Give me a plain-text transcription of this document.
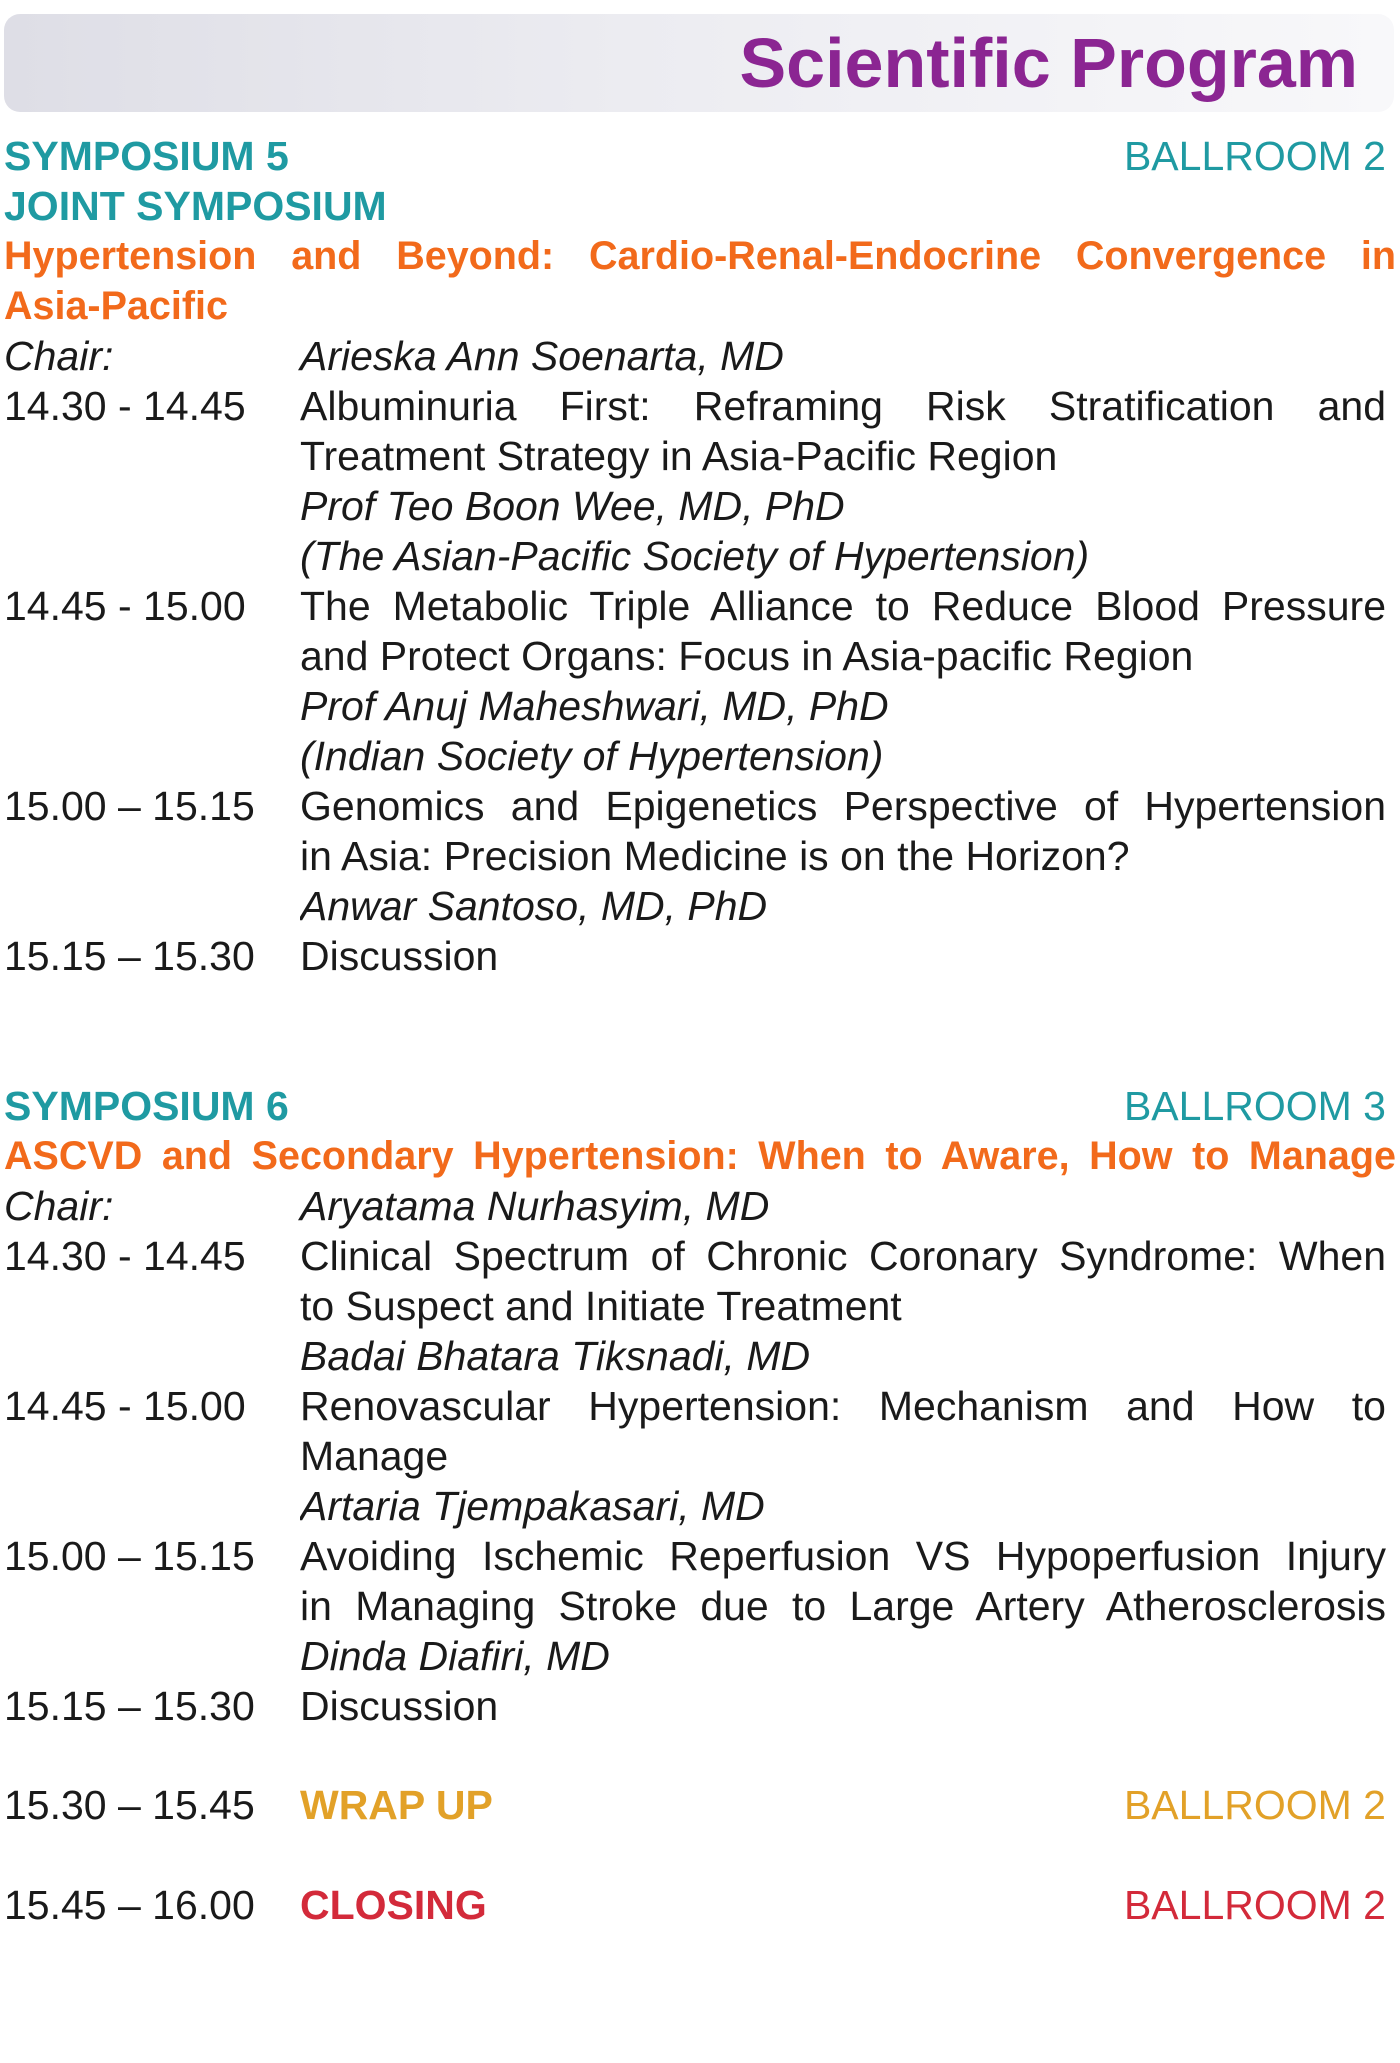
Scientific Program
SYMPOSIUM 5	BALLROOM 2
JOINT SYMPOSIUM
Hypertension and Beyond: Cardio-Renal-Endocrine Convergence in
Asia-Pacific
Chair:	Arieska Ann Soenarta, MD
14.30 - 14.45	Albuminuria First: Reframing Risk Stratification and
Treatment Strategy in Asia-Pacific Region
Prof Teo Boon Wee, MD, PhD
(The Asian-Pacific Society of Hypertension)
14.45 - 15.00	The Metabolic Triple Alliance to Reduce Blood Pressure
and Protect Organs: Focus in Asia-pacific Region
Prof Anuj Maheshwari, MD, PhD
(Indian Society of Hypertension)
15.00 – 15.15	Genomics and Epigenetics Perspective of Hypertension
in Asia: Precision Medicine is on the Horizon?
Anwar Santoso, MD, PhD
15.15 – 15.30	Discussion
SYMPOSIUM 6	BALLROOM 3
ASCVD and Secondary Hypertension: When to Aware, How to Manage
Chair:	Aryatama Nurhasyim, MD
14.30 - 14.45	Clinical Spectrum of Chronic Coronary Syndrome: When
to Suspect and Initiate Treatment
Badai Bhatara Tiksnadi, MD
14.45 - 15.00	Renovascular Hypertension: Mechanism and How to
Manage
Artaria Tjempakasari, MD
15.00 – 15.15	Avoiding Ischemic Reperfusion VS Hypoperfusion Injury
in Managing Stroke due to Large Artery Atherosclerosis
Dinda Diafiri, MD
15.15 – 15.30	Discussion
15.30 – 15.45	WRAP UP	BALLROOM 2
15.45 – 16.00	CLOSING	BALLROOM 2
